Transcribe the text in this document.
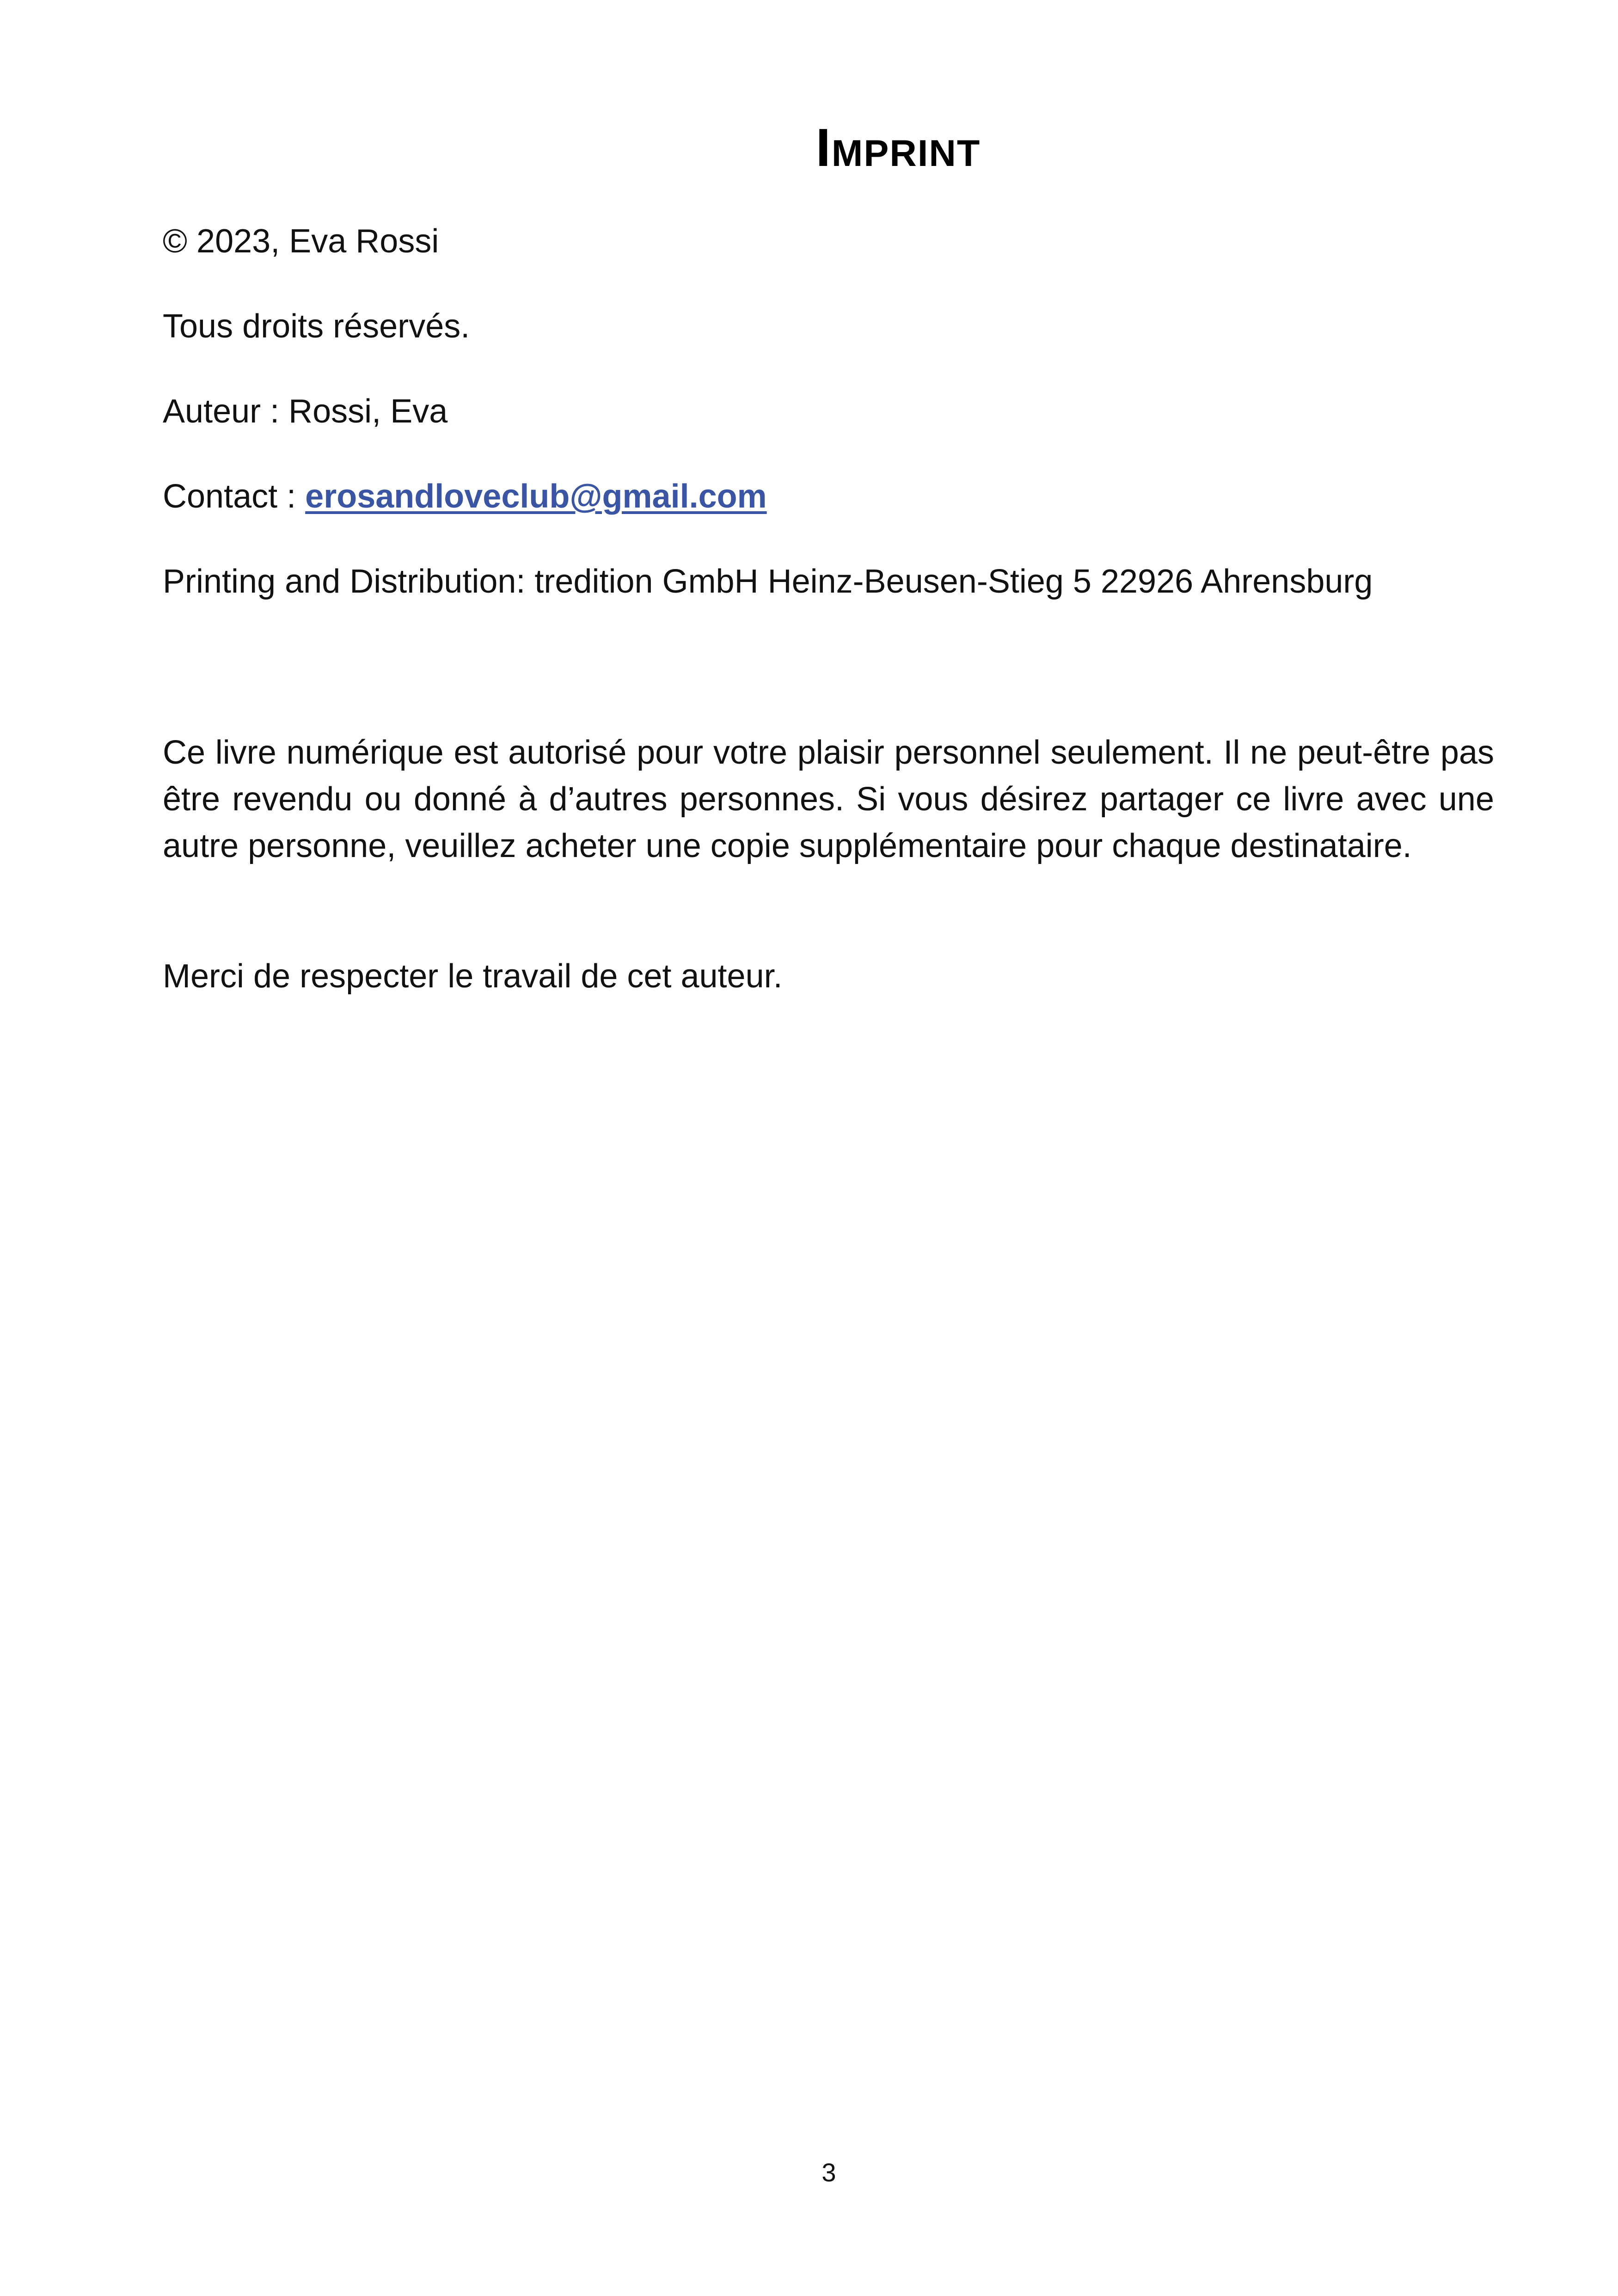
Imprint

© 2023, Eva Rossi

Tous droits réservés.

Auteur : Rossi, Eva

Contact : erosandloveclub@gmail.com

Printing and Distribution: tredition GmbH Heinz-Beusen-Stieg 5 22926 Ahrensburg

Ce livre numérique est autorisé pour votre plaisir personnel seulement. Il ne peut-être pas être revendu ou donné à d’autres personnes. Si vous désirez partager ce livre avec une autre personne, veuillez acheter une copie supplémentaire pour chaque destinataire.

Merci de respecter le travail de cet auteur.

3
